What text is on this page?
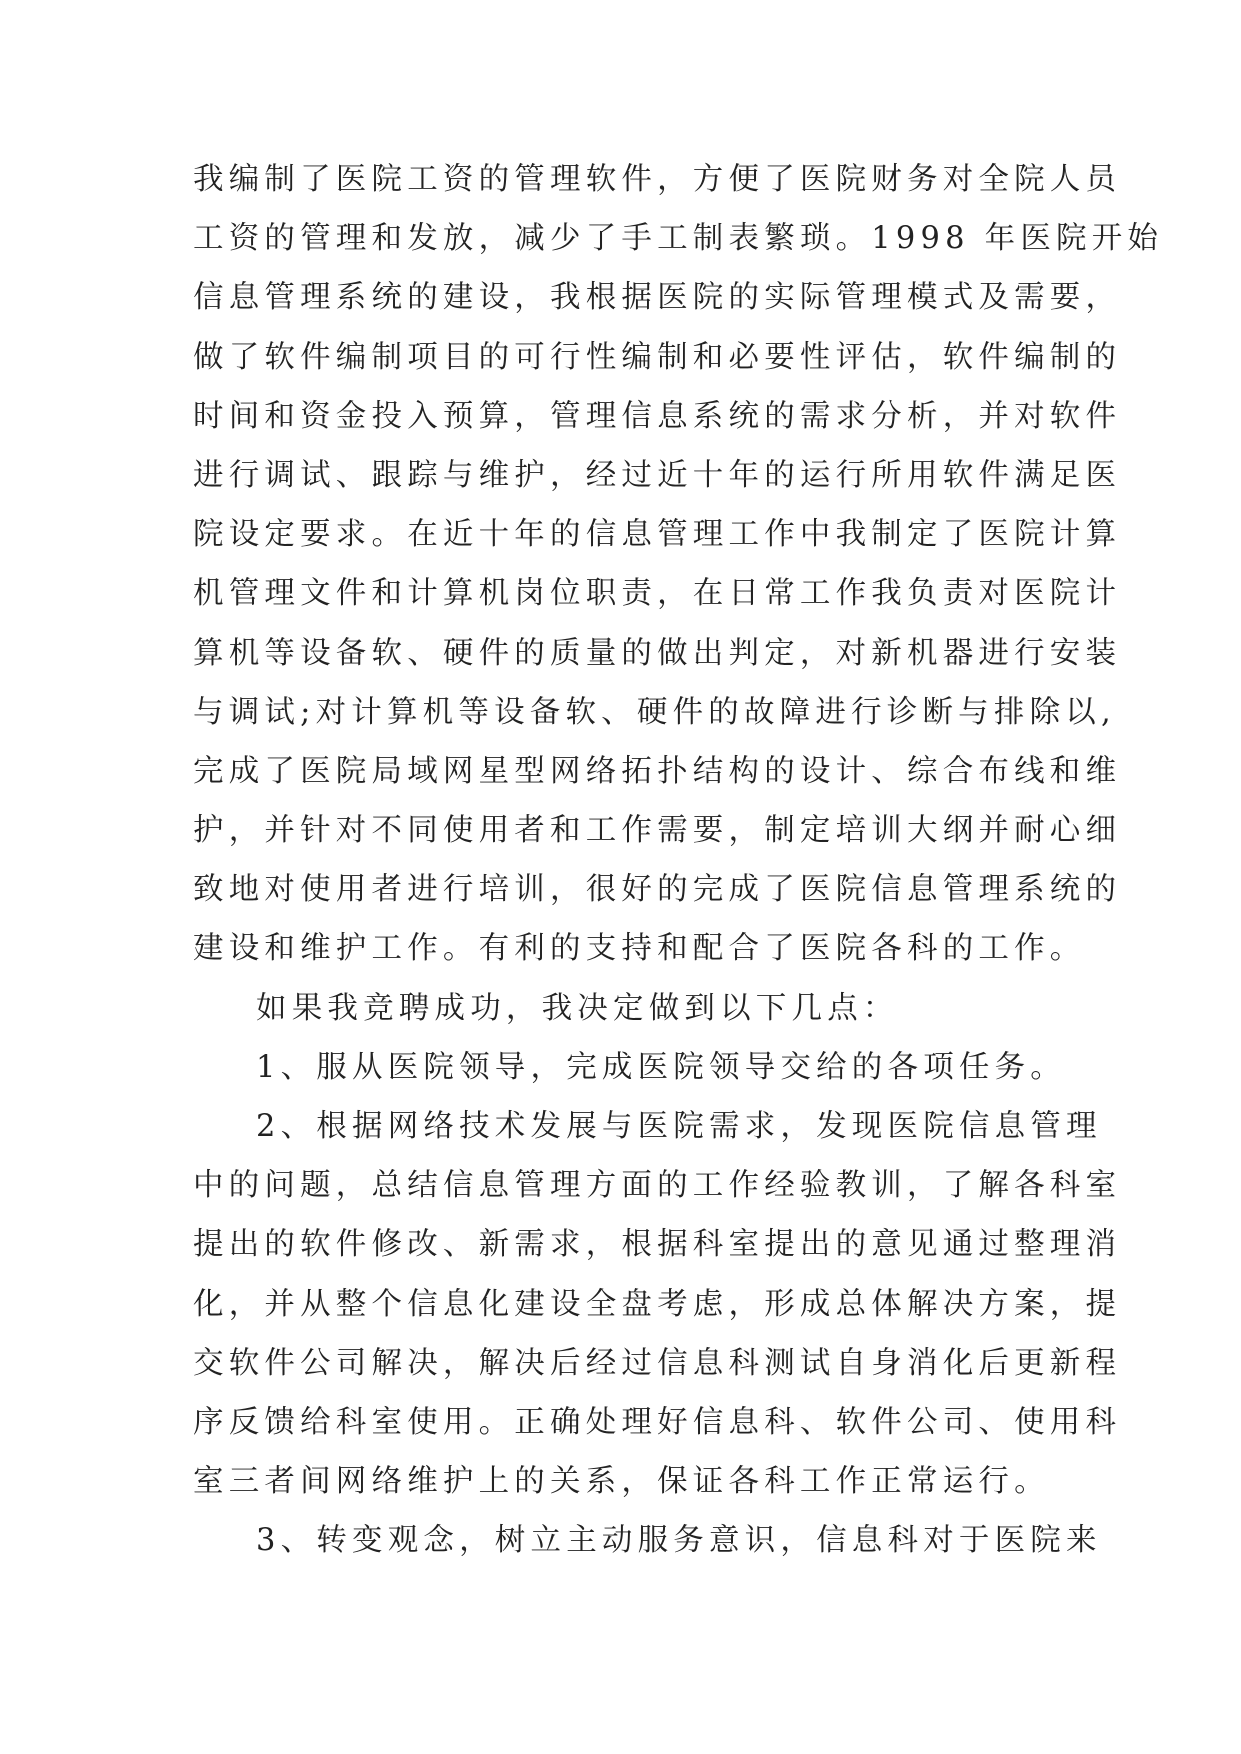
我编制了医院工资的管理软件，方便了医院财务对全院人员
工资的管理和发放，减少了手工制表繁琐。1998 年医院开始
信息管理系统的建设，我根据医院的实际管理模式及需要，
做了软件编制项目的可行性编制和必要性评估，软件编制的
时间和资金投入预算，管理信息系统的需求分析，并对软件
进行调试、跟踪与维护，经过近十年的运行所用软件满足医
院设定要求。在近十年的信息管理工作中我制定了医院计算
机管理文件和计算机岗位职责，在日常工作我负责对医院计
算机等设备软、硬件的质量的做出判定，对新机器进行安装
与调试;对计算机等设备软、硬件的故障进行诊断与排除以,
完成了医院局域网星型网络拓扑结构的设计、综合布线和维
护，并针对不同使用者和工作需要，制定培训大纲并耐心细
致地对使用者进行培训，很好的完成了医院信息管理系统的
建设和维护工作。有利的支持和配合了医院各科的工作。
如果我竞聘成功，我决定做到以下几点：
1、服从医院领导，完成医院领导交给的各项任务。
2、根据网络技术发展与医院需求，发现医院信息管理
中的问题，总结信息管理方面的工作经验教训，了解各科室
提出的软件修改、新需求，根据科室提出的意见通过整理消
化，并从整个信息化建设全盘考虑，形成总体解决方案，提
交软件公司解决，解决后经过信息科测试自身消化后更新程
序反馈给科室使用。正确处理好信息科、软件公司、使用科
室三者间网络维护上的关系，保证各科工作正常运行。
3、转变观念，树立主动服务意识，信息科对于医院来
